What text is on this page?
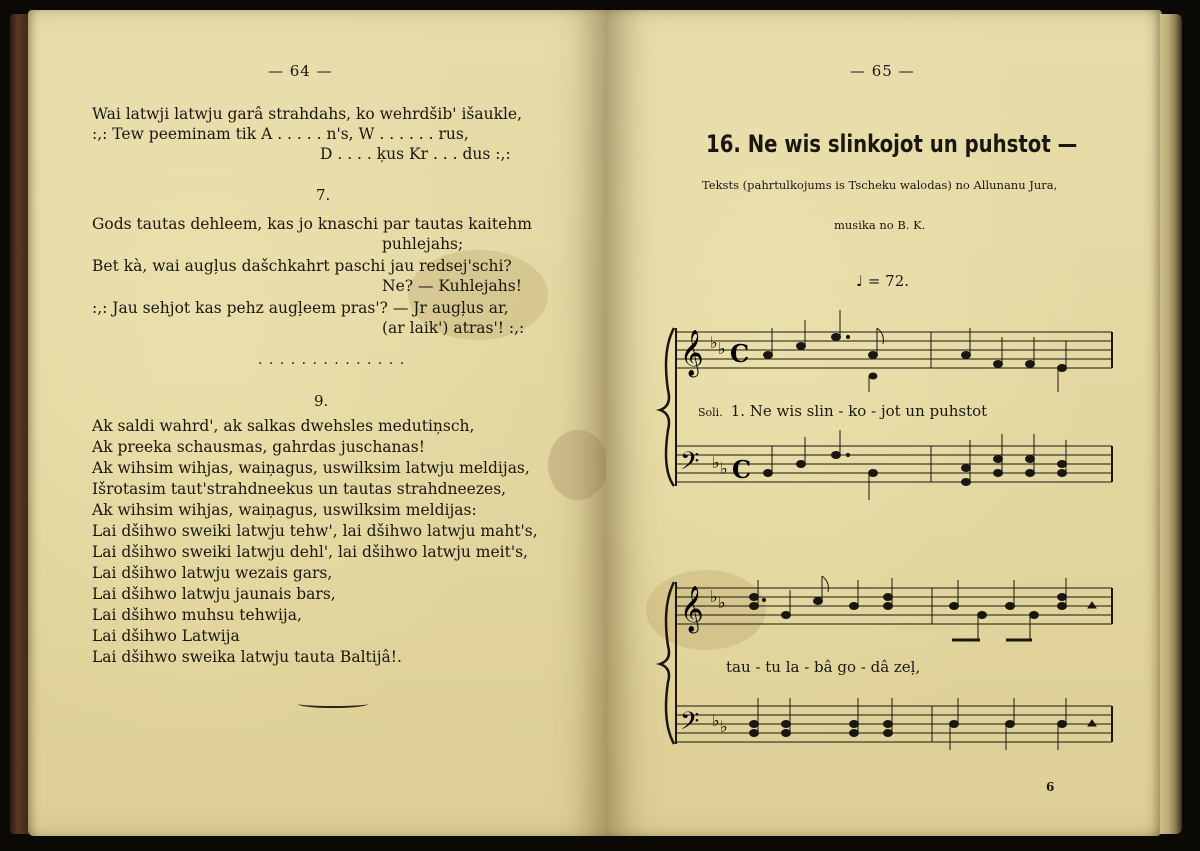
— 64 —
Wai latwji latwju garâ strahdahs, ko wehrdšib' išaukle,
:,: Tew peeminam tik A . . . . . n's, W . . . . . . rus,
D . . . . ķus Kr . . . dus :,:
7.
Gods tautas dehleem, kas jo knaschi par tautas kaitehm
puhlejahs;
Bet kà, wai augļus dašchkahrt paschi jau redsej'schi?
Ne? — Kuhlejahs!
:,: Jau sehjot kas pehz augļeem pras'? — Jr augļus ar,
(ar laik') atras'! :,:
. . . . . . . . . . . . . .
9.
Ak saldi wahrd', ak salkas dwehsles medutiņsch,
Ak preeka schausmas, gahrdas juschanas!
Ak wihsim wihjas, waiņagus, uswilksim latwju meldijas,
Išrotasim taut'strahdneekus un tautas strahdneezes,
Ak wihsim wihjas, waiņagus, uswilksim meldijas:
Lai dšihwo sweiki latwju tehw', lai dšihwo latwju maht's,
Lai dšihwo sweiki latwju dehl', lai dšihwo latwju meit's,
Lai dšihwo latwju wezais gars,
Lai dšihwo latwju jaunais bars,
Lai dšihwo muhsu tehwija,
Lai dšihwo Latwija
Lai dšihwo sweika latwju tauta Baltijâ!.
— 65 —
16. Ne wis slinkojot un puhstot —
Teksts (pahrtulkojums is Tscheku walodas) no Allunanu Jura,
musika no B. K.
♩ = 72.
𝄞 ♭ ♭ C
𝄢 ♭ ♭ C
𝄞 ♭ ♭
𝄢 ♭ ♭
Soli. 1. Ne wis slin - ko - jot un puhstot
tau - tu la - bâ go - dâ zeļ,
6
